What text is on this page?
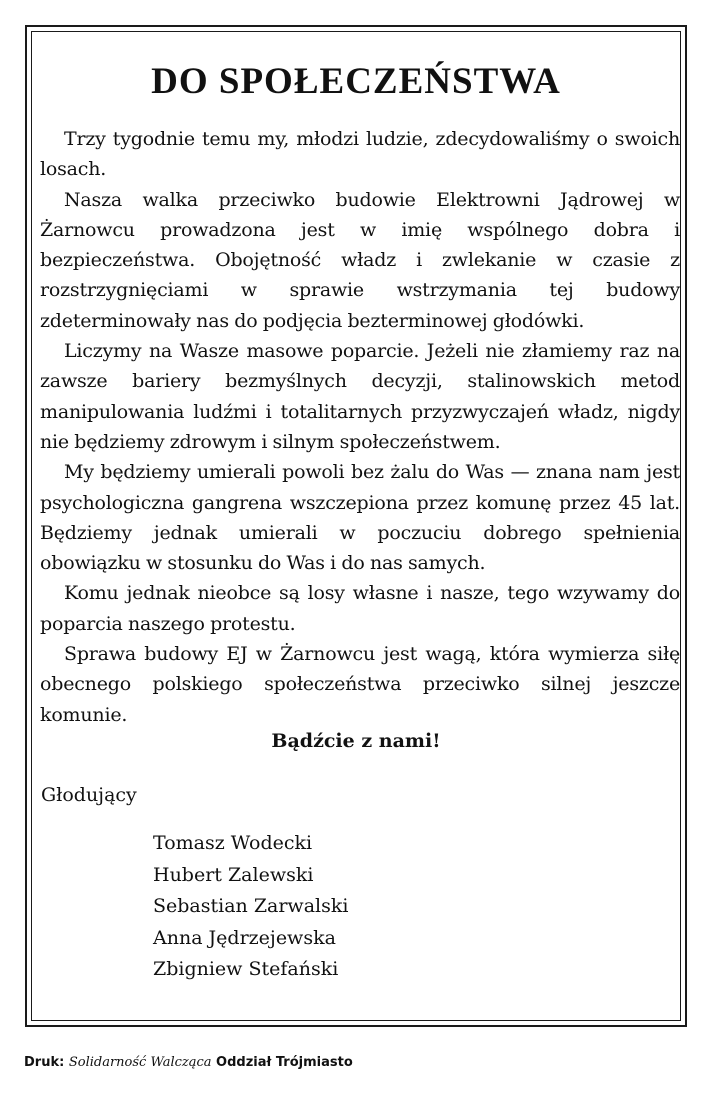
DO SPOŁECZEŃSTWA

Trzy tygodnie temu my, młodzi ludzie, zdecydowaliśmy o swoich losach.

Nasza walka przeciwko budowie Elektrowni Jądrowej w Żarnowcu prowadzona jest w imię wspólnego dobra i bezpieczeństwa. Obojętność władz i zwlekanie w czasie z rozstrzygnięciami w sprawie wstrzymania tej budowy zdeterminowały nas do podjęcia bezterminowej głodówki.

Liczymy na Wasze masowe poparcie. Jeżeli nie złamiemy raz na zawsze bariery bezmyślnych decyzji, stalinowskich metod manipulowania ludźmi i totalitarnych przyzwyczajeń władz, nigdy nie będziemy zdrowym i silnym społeczeństwem.

My będziemy umierali powoli bez żalu do Was — znana nam jest psychologiczna gangrena wszczepiona przez komunę przez 45 lat. Będziemy jednak umierali w poczuciu dobrego spełnienia obowiązku w stosunku do Was i do nas samych.

Komu jednak nieobce są losy własne i nasze, tego wzywamy do poparcia naszego protestu.

Sprawa budowy EJ w Żarnowcu jest wagą, która wymierza siłę obecnego polskiego społeczeństwa przeciwko silnej jeszcze komunie.

Bądźcie z nami!
Głodujący
Tomasz Wodecki
Hubert Zalewski
Sebastian Zarwalski
Anna Jędrzejewska
Zbigniew Stefański
Druk: Solidarność Walcząca Oddział Trójmiasto
